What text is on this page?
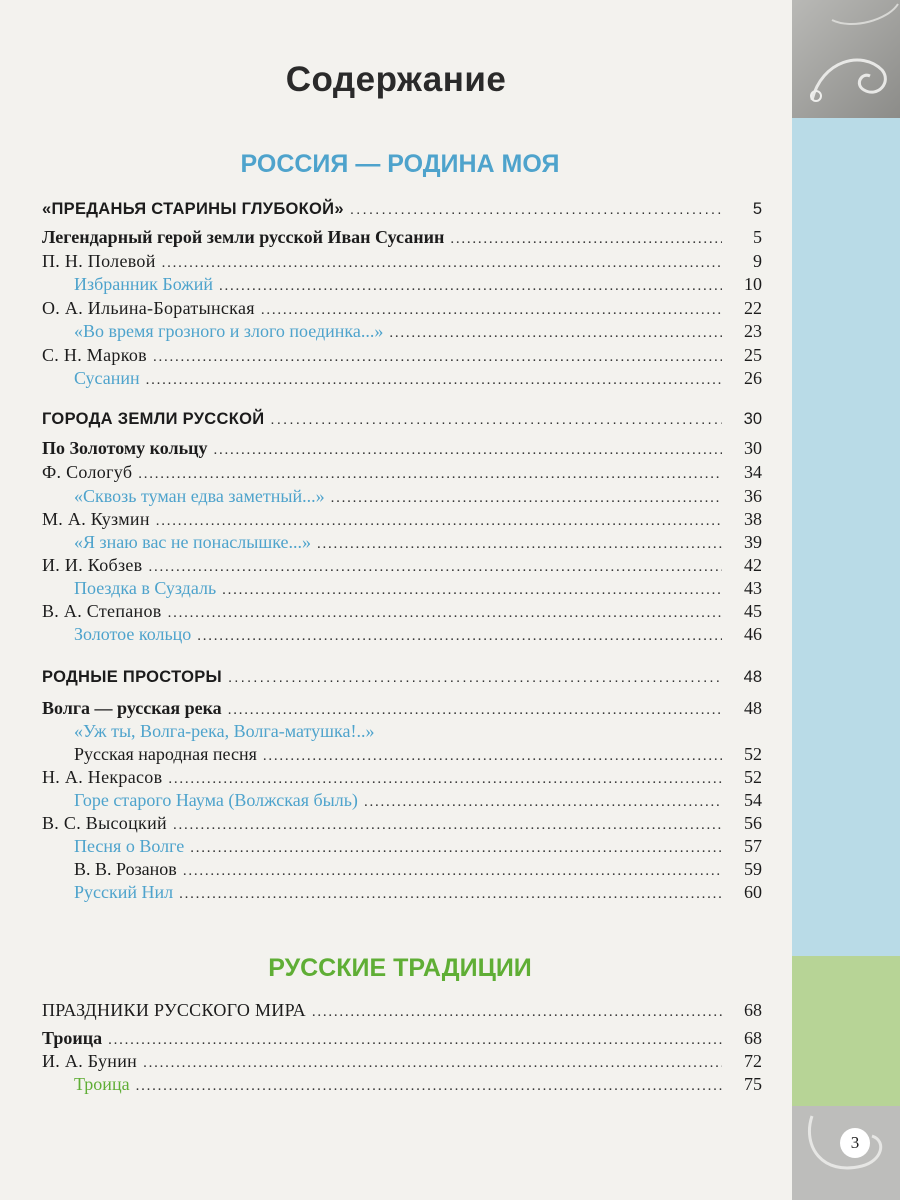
3
Содержание
РОССИЯ — РОДИНА МОЯ
РУССКИЕ ТРАДИЦИИ
«ПРЕДАНЬЯ СТАРИНЫ ГЛУБОКОЙ» . . .	5
Легендарный герой земли русской Иван Сусанин . . .	5
П. Н. Полевой . . .	9
Избранник Божий . . .	10
О. А. Ильина-Боратынская . . .	22
«Во время грозного и злого поединка...» . . .	23
С. Н. Марков . . .	25
Сусанин . . .	26
ГОРОДА ЗЕМЛИ РУССКОЙ . . .	30
По Золотому кольцу . . .	30
Ф. Сологуб . . .	34
«Сквозь туман едва заметный...» . . .	36
М. А. Кузмин . . .	38
«Я знаю вас не понаслышке...» . . .	39
И. И. Кобзев . . .	42
Поездка в Суздаль . . .	43
В. А. Степанов . . .	45
Золотое кольцо . . .	46
РОДНЫЕ ПРОСТОРЫ . . .	48
Волга — русская река . . .	48
«Уж ты, Волга-река, Волга-матушка!..»
Русская народная песня . . .	52
Н. А. Некрасов . . .	52
Горе старого Наума (Волжская быль) . . .	54
В. С. Высоцкий . . .	56
Песня о Волге . . .	57
В. В. Розанов . . .	59
Русский Нил . . .	60
ПРАЗДНИКИ РУССКОГО МИРА . . .	68
Троица . . .	68
И. А. Бунин . . .	72
Троица . . .	75
